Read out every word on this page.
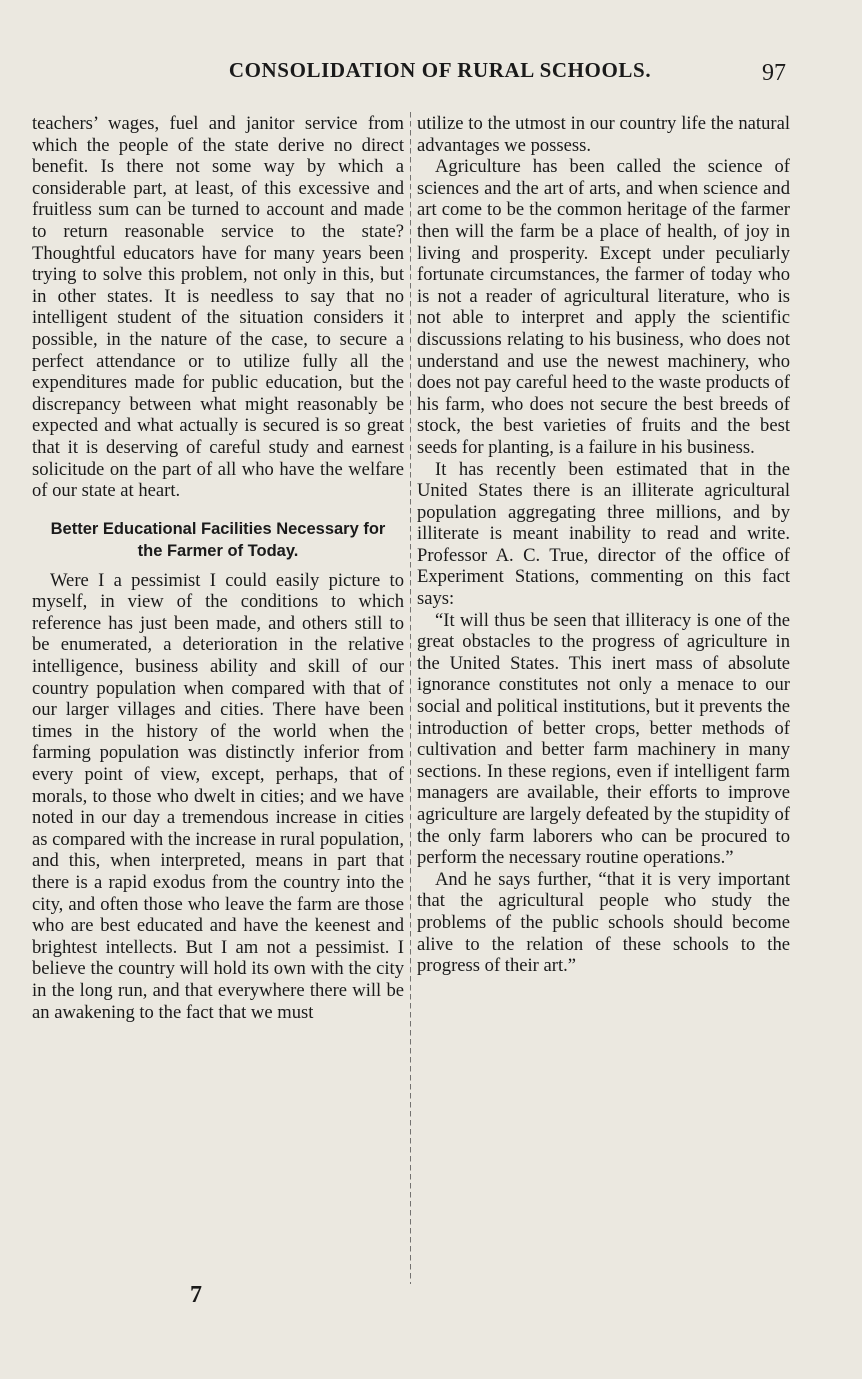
CONSOLIDATION OF RURAL SCHOOLS.	97

teachers’ wages, fuel and janitor service from which the people of the state derive no direct benefit. Is there not some way by which a considerable part, at least, of this excessive and fruitless sum can be turned to account and made to return reasonable service to the state? Thoughtful educators have for many years been trying to solve this problem, not only in this, but in other states. It is needless to say that no intelligent student of the situation considers it possible, in the nature of the case, to secure a perfect attendance or to utilize fully all the expenditures made for public education, but the discrepancy between what might reasonably be expected and what actually is secured is so great that it is deserving of careful study and earnest solicitude on the part of all who have the welfare of our state at heart.

Better Educational Facilities Necessary for the Farmer of Today.

Were I a pessimist I could easily picture to myself, in view of the conditions to which reference has just been made, and others still to be enumerated, a deterioration in the relative intelligence, business ability and skill of our country population when compared with that of our larger villages and cities. There have been times in the history of the world when the farming population was distinctly inferior from every point of view, except, perhaps, that of morals, to those who dwelt in cities; and we have noted in our day a tremendous increase in cities as compared with the increase in rural population, and this, when interpreted, means in part that there is a rapid exodus from the country into the city, and often those who leave the farm are those who are best educated and have the keenest and brightest intellects. But I am not a pessimist. I believe the country will hold its own with the city in the long run, and that everywhere there will be an awakening to the fact that we must

utilize to the utmost in our country life the natural advantages we possess.

Agriculture has been called the science of sciences and the art of arts, and when science and art come to be the common heritage of the farmer then will the farm be a place of health, of joy in living and prosperity. Except under peculiarly fortunate circumstances, the farmer of today who is not a reader of agricultural literature, who is not able to interpret and apply the scientific discussions relating to his business, who does not understand and use the newest machinery, who does not pay careful heed to the waste products of his farm, who does not secure the best breeds of stock, the best varieties of fruits and the best seeds for planting, is a failure in his business.

It has recently been estimated that in the United States there is an illiterate agricultural population aggregating three millions, and by illiterate is meant inability to read and write. Professor A. C. True, director of the office of Experiment Stations, commenting on this fact says:

“It will thus be seen that illiteracy is one of the great obstacles to the progress of agriculture in the United States. This inert mass of absolute ignorance constitutes not only a menace to our social and political institutions, but it prevents the introduction of better crops, better methods of cultivation and better farm machinery in many sections. In these regions, even if intelligent farm managers are available, their efforts to improve agriculture are largely defeated by the stupidity of the only farm laborers who can be procured to perform the necessary routine operations.”

And he says further, “that it is very important that the agricultural people who study the problems of the public schools should become alive to the relation of these schools to the progress of their art.”

7
